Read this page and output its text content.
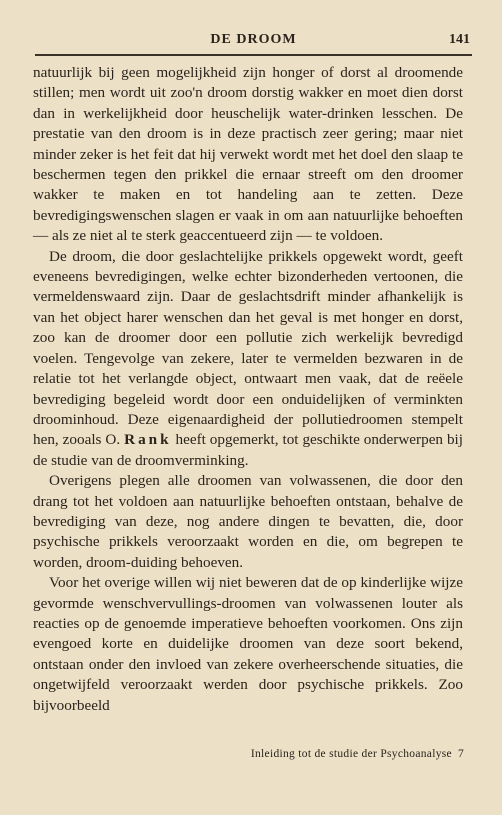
DE DROOM	141

natuurlijk bij geen mogelijkheid zijn honger of dorst al droomende stillen; men wordt uit zoo'n droom dorstig wakker en moet dien dorst dan in werkelijkheid door heuschelijk water-drinken lesschen. De prestatie van den droom is in deze practisch zeer gering; maar niet minder zeker is het feit dat hij verwekt wordt met het doel den slaap te beschermen tegen den prikkel die ernaar streeft om den droomer wakker te maken en tot handeling aan te zetten. Deze bevredigingswenschen slagen er vaak in om aan natuurlijke behoeften — als ze niet al te sterk geaccentueerd zijn — te voldoen.

De droom, die door geslachtelijke prikkels opgewekt wordt, geeft eveneens bevredigingen, welke echter bizonderheden vertoonen, die vermeldenswaard zijn. Daar de geslachtsdrift minder afhankelijk is van het object harer wenschen dan het geval is met honger en dorst, zoo kan de droomer door een pollutie zich werkelijk bevredigd voelen. Tengevolge van zekere, later te vermelden bezwaren in de relatie tot het verlangde object, ontwaart men vaak, dat de reëele bevrediging begeleid wordt door een onduidelijken of verminkten droominhoud. Deze eigenaardigheid der pollutiedroomen stempelt hen, zooals O. Rank heeft opgemerkt, tot geschikte onderwerpen bij de studie van de droomverminking.

Overigens plegen alle droomen van volwassenen, die door den drang tot het voldoen aan natuurlijke behoeften ontstaan, behalve de bevrediging van deze, nog andere dingen te bevatten, die, door psychische prikkels veroorzaakt worden en die, om begrepen te worden, droom-duiding behoeven.

Voor het overige willen wij niet beweren dat de op kinderlijke wijze gevormde wenschvervullings-droomen van volwassenen louter als reacties op de genoemde imperatieve behoeften voorkomen. Ons zijn evengoed korte en duidelijke droomen van deze soort bekend, ontstaan onder den invloed van zekere overheerschende situaties, die ongetwijfeld veroorzaakt werden door psychische prikkels. Zoo bijvoorbeeld

Inleiding tot de studie der Psychoanalyse 7
